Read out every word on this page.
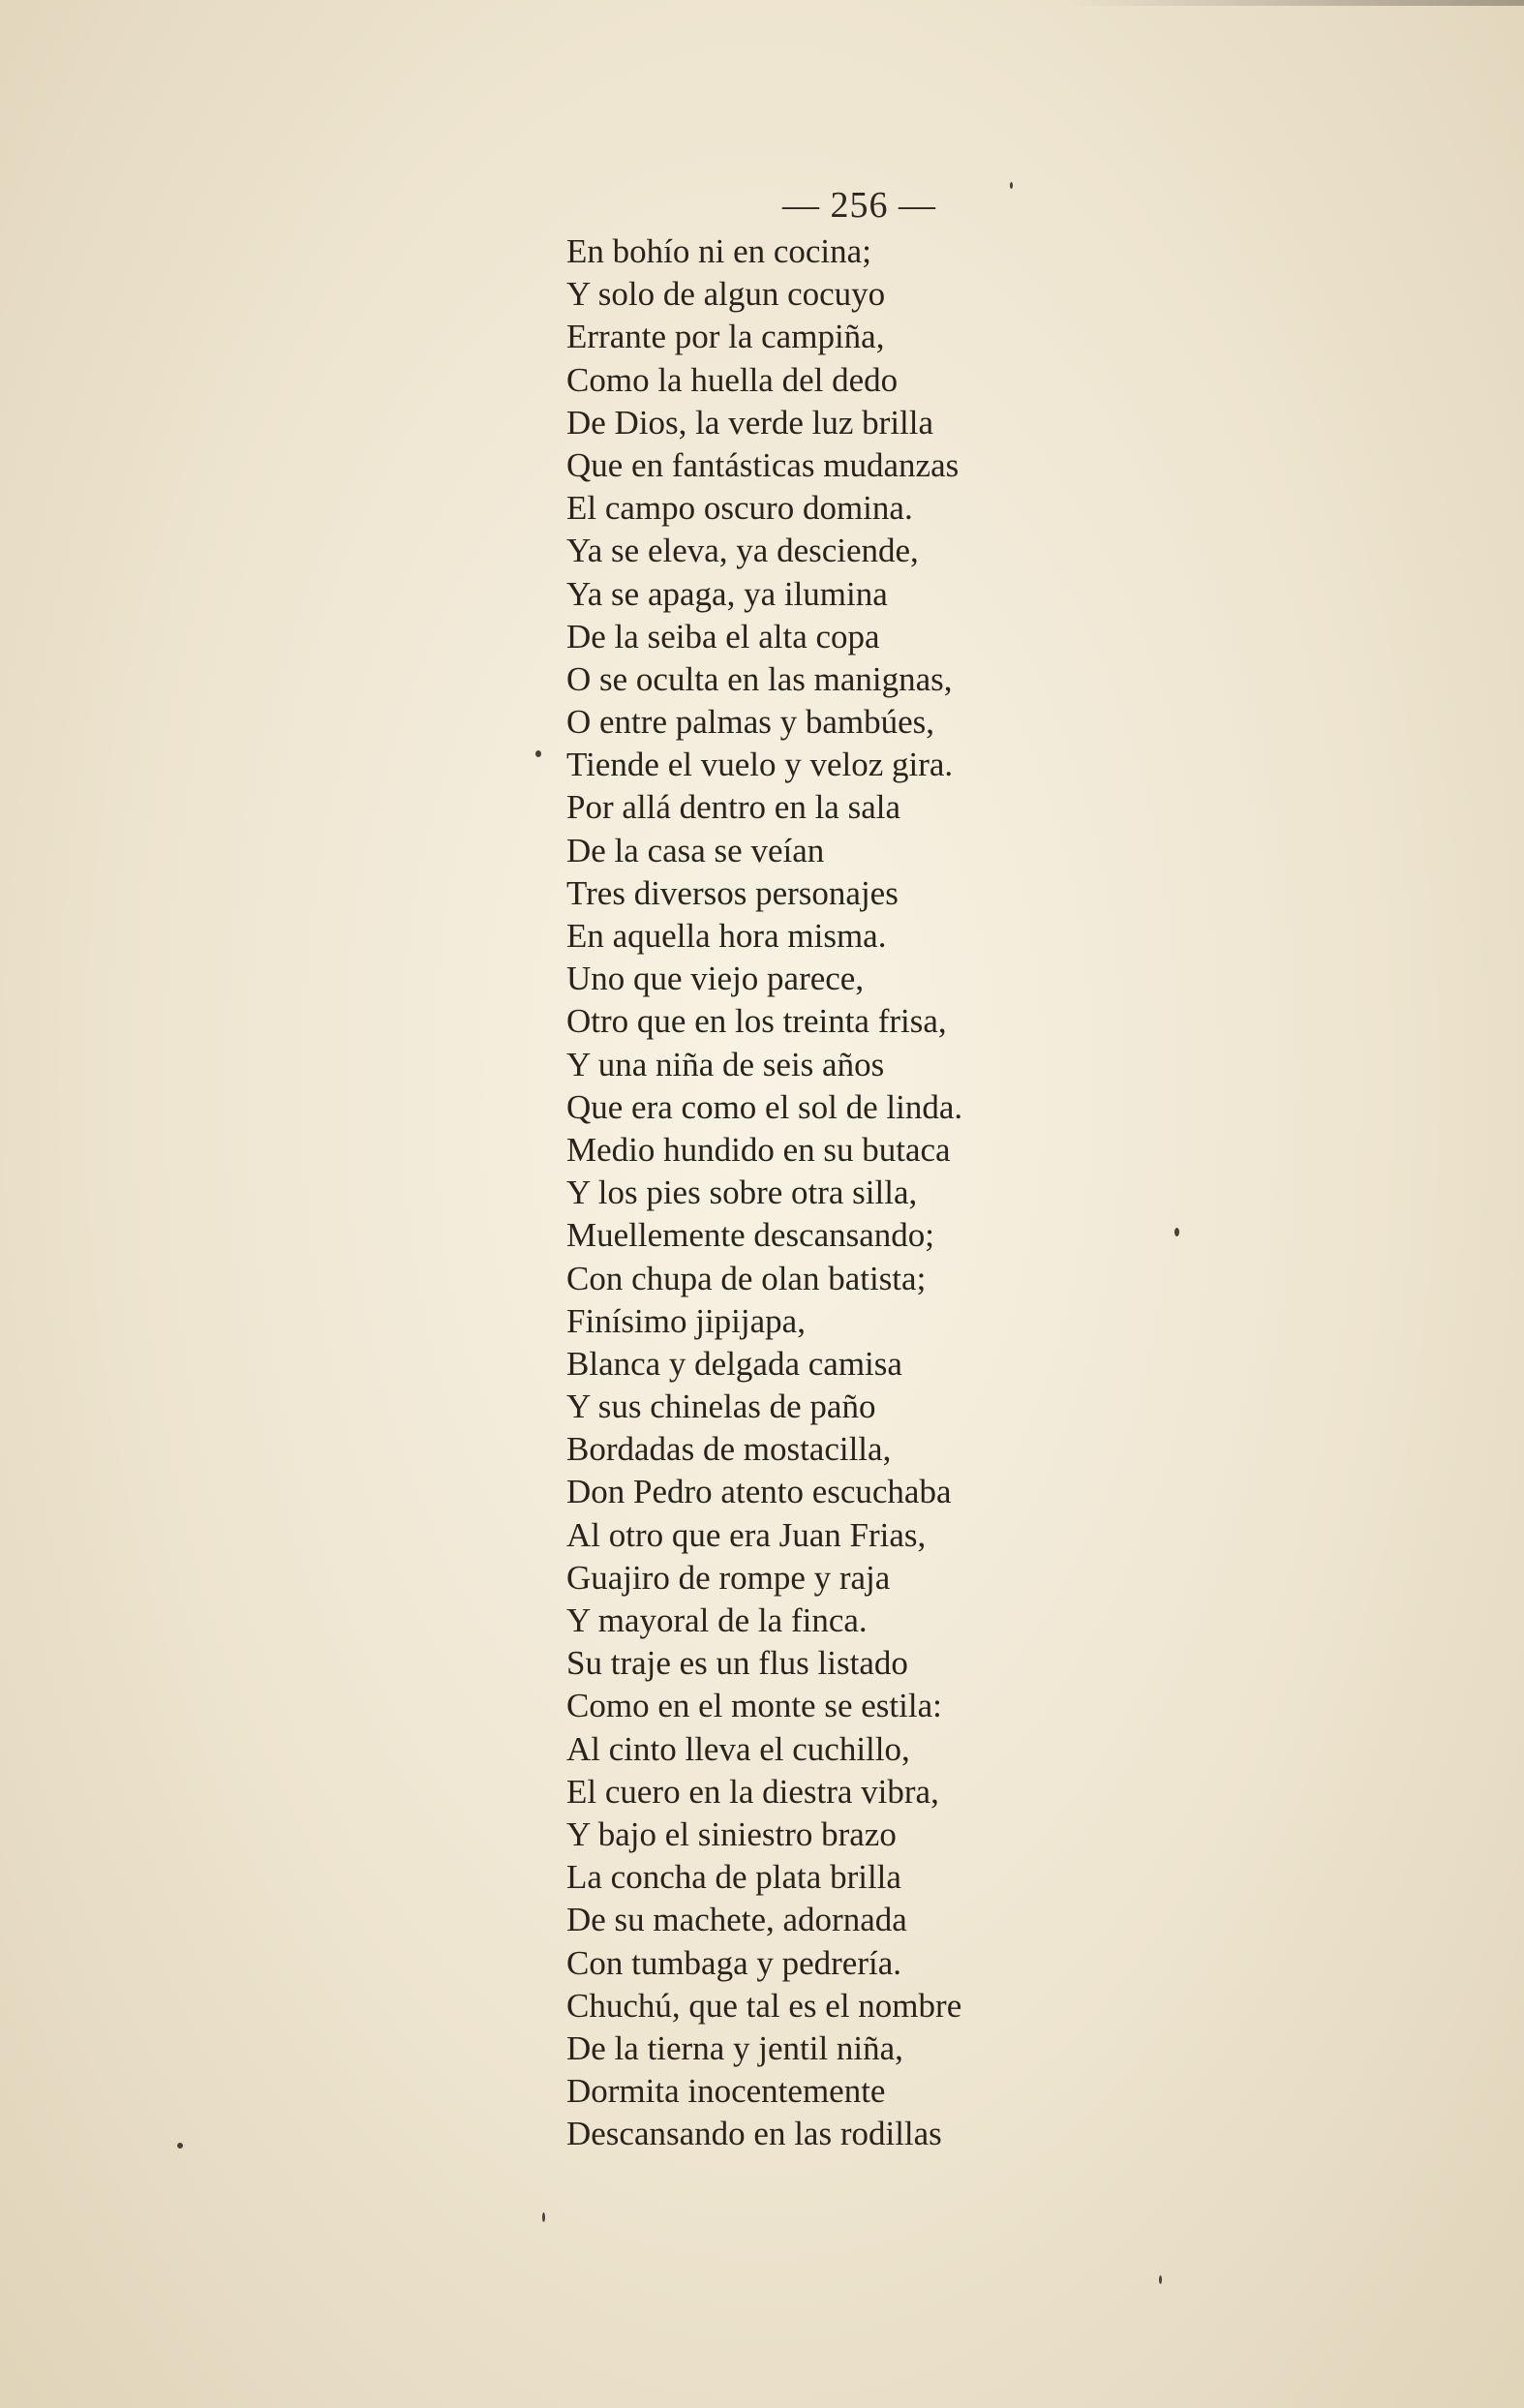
— 256 —
En bohío ni en cocina;
Y solo de algun cocuyo
Errante por la campiña,
Como la huella del dedo
De Dios, la verde luz brilla
Que en fantásticas mudanzas
El campo oscuro domina.
Ya se eleva, ya desciende,
Ya se apaga, ya ilumina
De la seiba el alta copa
O se oculta en las manignas,
O entre palmas y bambúes,
Tiende el vuelo y veloz gira.
Por allá dentro en la sala
De la casa se veían
Tres diversos personajes
En aquella hora misma.
Uno que viejo parece,
Otro que en los treinta frisa,
Y una niña de seis años
Que era como el sol de linda.
Medio hundido en su butaca
Y los pies sobre otra silla,
Muellemente descansando;
Con chupa de olan batista;
Finísimo jipijapa,
Blanca y delgada camisa
Y sus chinelas de paño
Bordadas de mostacilla,
Don Pedro atento escuchaba
Al otro que era Juan Frias,
Guajiro de rompe y raja
Y mayoral de la finca.
Su traje es un flus listado
Como en el monte se estila:
Al cinto lleva el cuchillo,
El cuero en la diestra vibra,
Y bajo el siniestro brazo
La concha de plata brilla
De su machete, adornada
Con tumbaga y pedrería.
Chuchú, que tal es el nombre
De la tierna y jentil niña,
Dormita inocentemente
Descansando en las rodillas
